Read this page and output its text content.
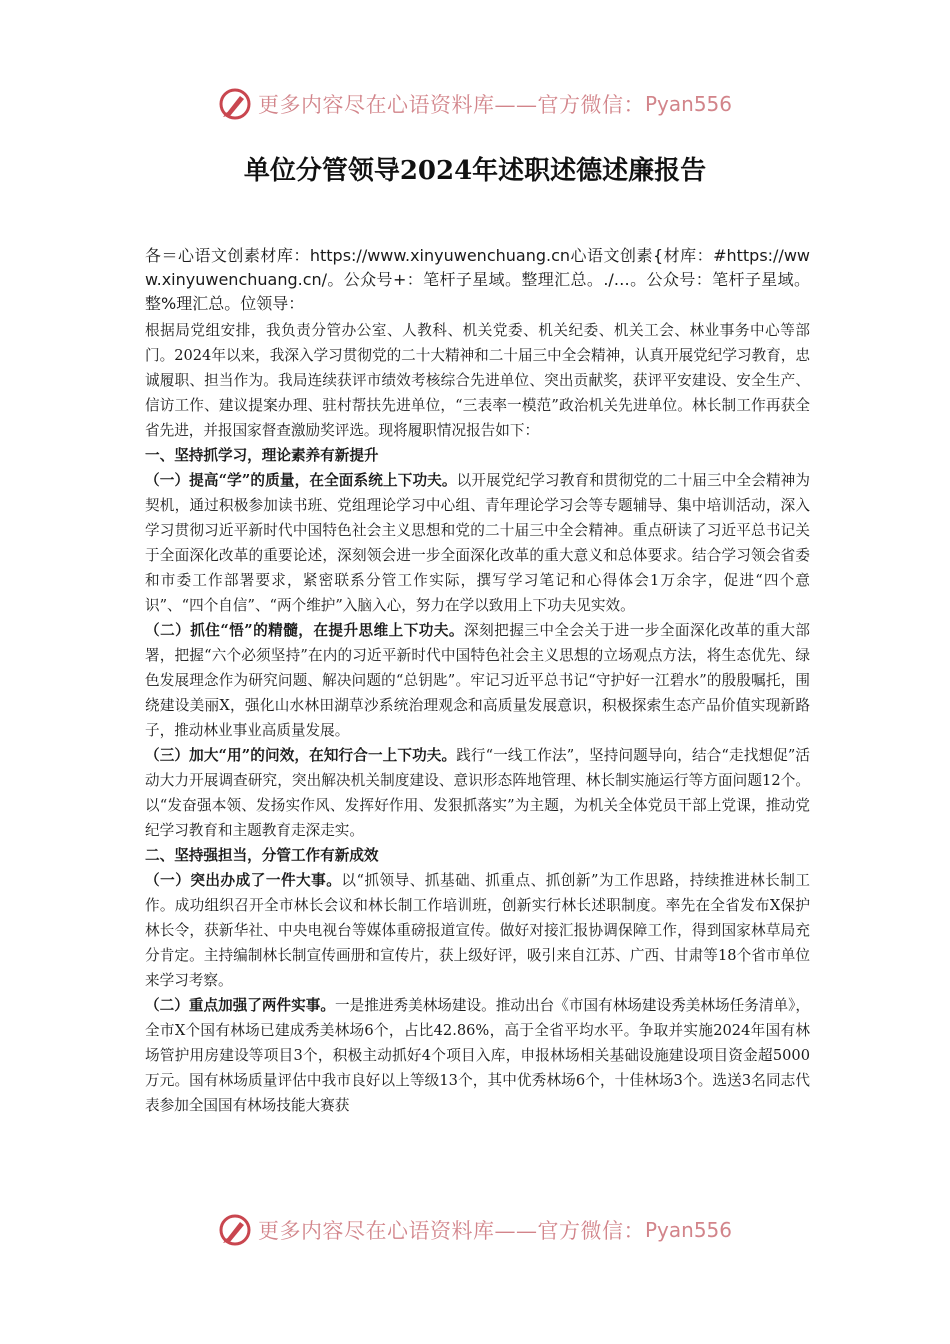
更多内容尽在心语资料库——官方微信： Pyan556
单位分管领导2024年述职述德述廉报告

各＝心语文创素材库：https://www.xinyuwenchuang.cn心语文创素{材库：#https://www.xinyuwenchuang.cn/。公众号+：笔杆子星域。整理汇总。./…。公众号：笔杆子星域。整%理汇总。位领导：

根据局党组安排，我负责分管办公室、人教科、机关党委、机关纪委、机关工会、林业事务中心等部门。2024年以来，我深入学习贯彻党的二十大精神和二十届三中全会精神，认真开展党纪学习教育，忠诚履职、担当作为。我局连续获评市绩效考核综合先进单位、突出贡献奖，获评平安建设、安全生产、信访工作、建议提案办理、驻村帮扶先进单位，“三表率一模范”政治机关先进单位。林长制工作再获全省先进，并报国家督查激励奖评选。现将履职情况报告如下：

一、坚持抓学习，理论素养有新提升

（一）提高“学”的质量，在全面系统上下功夫。以开展党纪学习教育和贯彻党的二十届三中全会精神为契机，通过积极参加读书班、党组理论学习中心组、青年理论学习会等专题辅导、集中培训活动，深入学习贯彻习近平新时代中国特色社会主义思想和党的二十届三中全会精神。重点研读了习近平总书记关于全面深化改革的重要论述，深刻领会进一步全面深化改革的重大意义和总体要求。结合学习领会省委和市委工作部署要求，紧密联系分管工作实际，撰写学习笔记和心得体会1万余字，促进“四个意识”、“四个自信”、“两个维护”入脑入心，努力在学以致用上下功夫见实效。

（二）抓住“悟”的精髓，在提升思维上下功夫。深刻把握三中全会关于进一步全面深化改革的重大部署，把握“六个必须坚持”在内的习近平新时代中国特色社会主义思想的立场观点方法，将生态优先、绿色发展理念作为研究问题、解决问题的“总钥匙”。牢记习近平总书记“守护好一江碧水”的殷殷嘱托，围绕建设美丽X，强化山水林田湖草沙系统治理观念和高质量发展意识，积极探索生态产品价值实现新路子，推动林业事业高质量发展。

（三）加大“用”的问效，在知行合一上下功夫。践行“一线工作法”，坚持问题导向，结合“走找想促”活动大力开展调查研究，突出解决机关制度建设、意识形态阵地管理、林长制实施运行等方面问题12个。以“发奋强本领、发扬实作风、发挥好作用、发狠抓落实”为主题，为机关全体党员干部上党课，推动党纪学习教育和主题教育走深走实。

二、坚持强担当，分管工作有新成效

（一）突出办成了一件大事。以“抓领导、抓基础、抓重点、抓创新”为工作思路，持续推进林长制工作。成功组织召开全市林长会议和林长制工作培训班，创新实行林长述职制度。率先在全省发布X保护林长令，获新华社、中央电视台等媒体重磅报道宣传。做好对接汇报协调保障工作，得到国家林草局充分肯定。主持编制林长制宣传画册和宣传片，获上级好评，吸引来自江苏、广西、甘肃等18个省市单位来学习考察。

（二）重点加强了两件实事。一是推进秀美林场建设。推动出台《市国有林场建设秀美林场任务清单》，全市X个国有林场已建成秀美林场6个，占比42.86%，高于全省平均水平。争取并实施2024年国有林场管护用房建设等项目3个，积极主动抓好4个项目入库，申报林场相关基础设施建设项目资金超5000万元。国有林场质量评估中我市良好以上等级13个，其中优秀林场6个，十佳林场3个。选送3名同志代表参加全国国有林场技能大赛获

更多内容尽在心语资料库——官方微信： Pyan556
